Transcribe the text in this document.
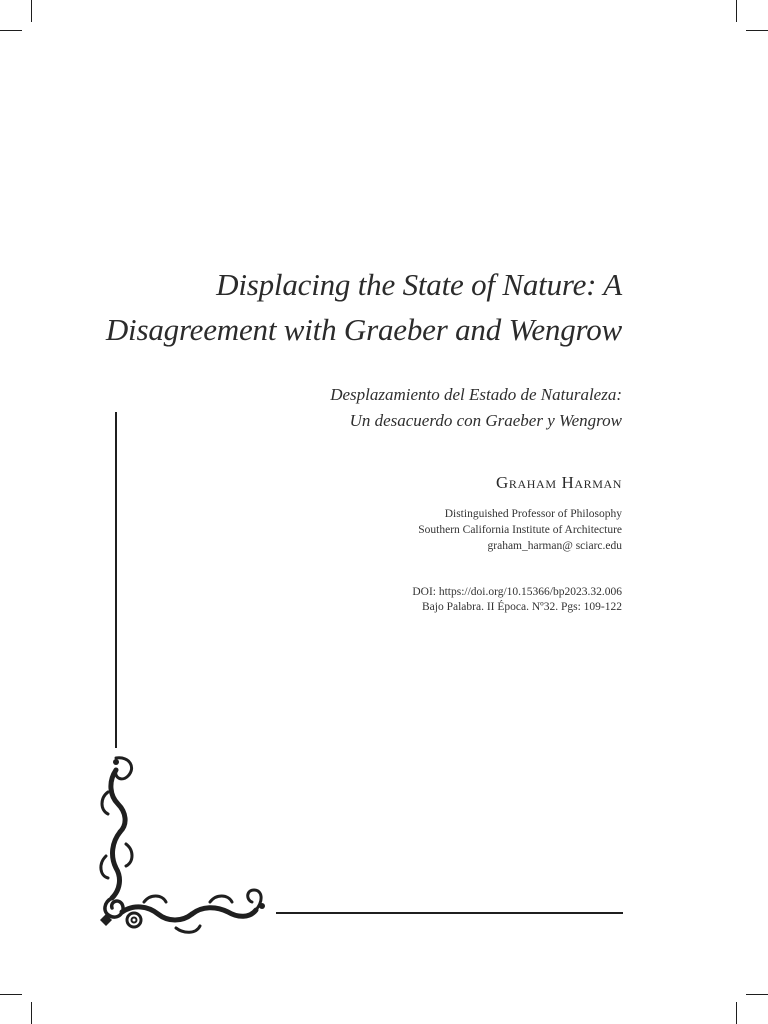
Displacing the State of Nature: A
Disagreement with Graeber and Wengrow
Desplazamiento del Estado de Naturaleza:
Un desacuerdo con Graeber y Wengrow
Graham Harman
Distinguished Professor of Philosophy
Southern California Institute of Architecture
graham_harman@ sciarc.edu
DOI: https://doi.org/10.15366/bp2023.32.006
Bajo Palabra. II Época. Nº32. Pgs: 109-122
